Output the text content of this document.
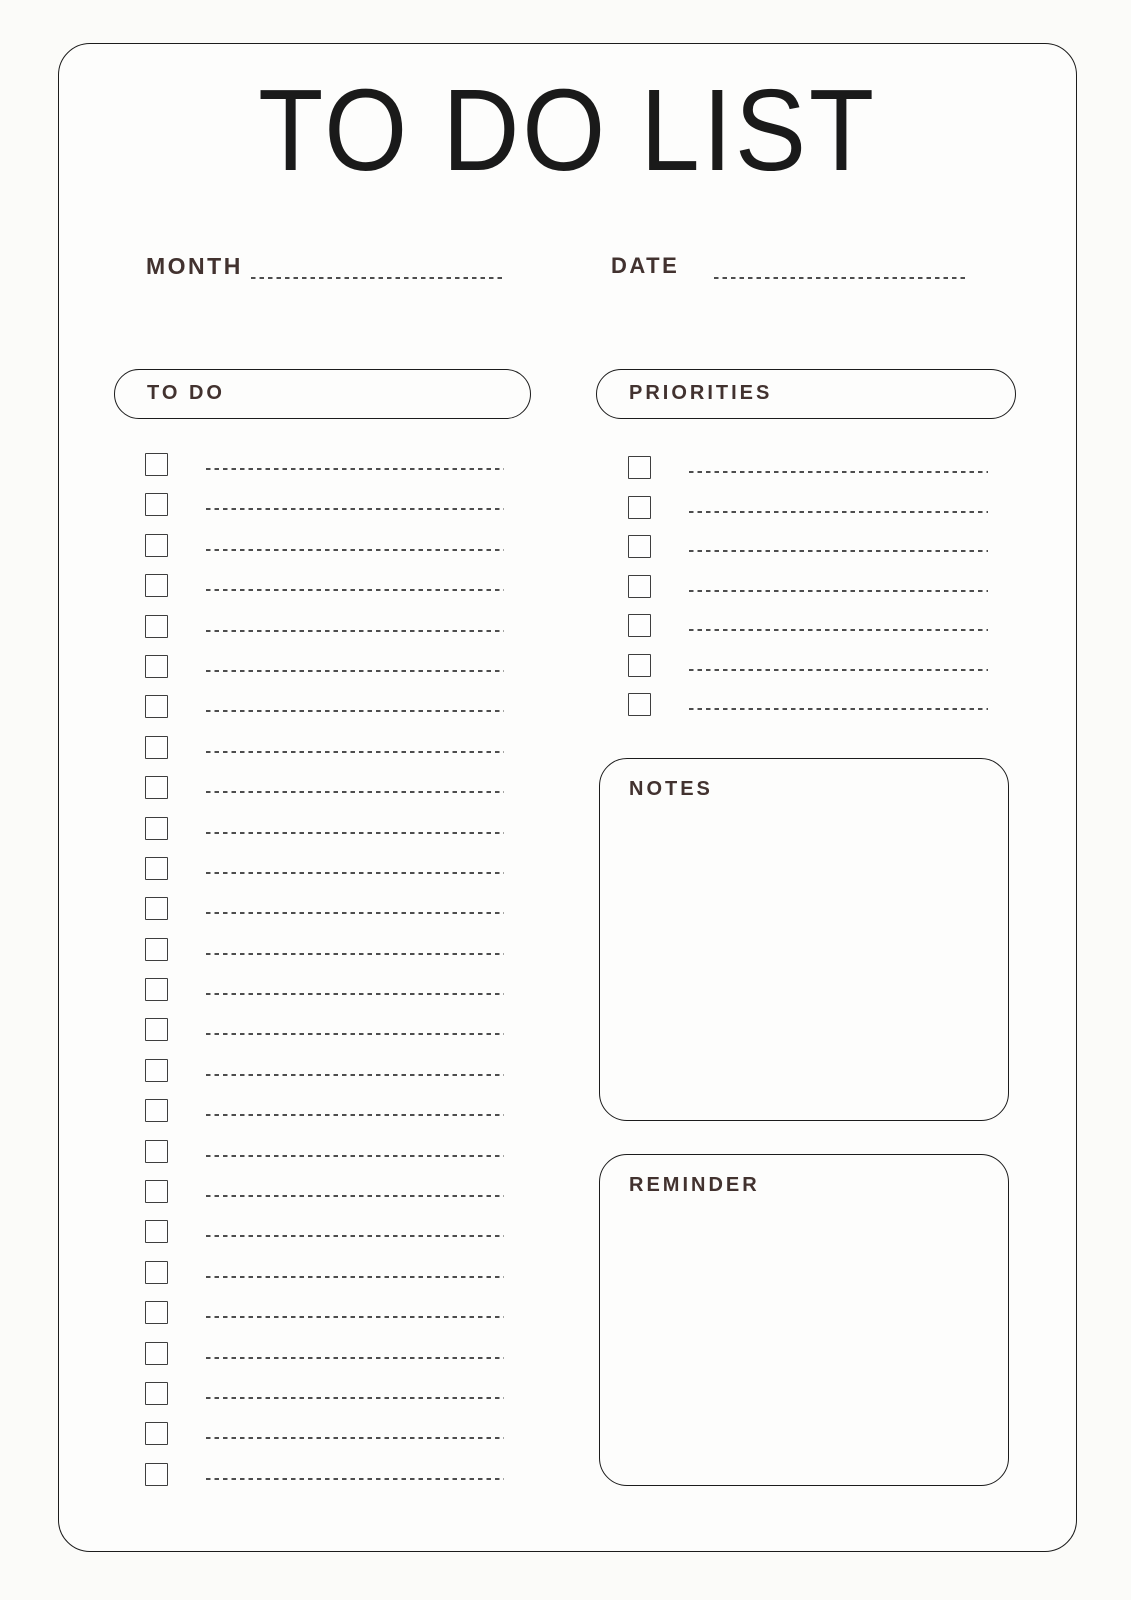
TO DO LIST
MONTH	DATE
TO DO	PRIORITIES
NOTES
REMINDER
